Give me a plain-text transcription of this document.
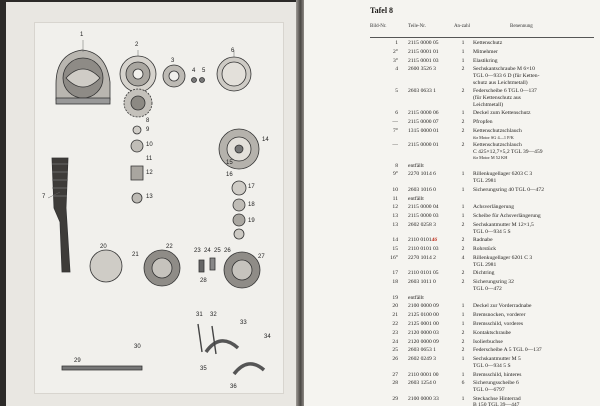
1
2
3
4 5
6
7
8
9
10
11
12
13
14
15
16
17
18
19
20
21
22
23 24 25 26
27
28
29
30
31 32
33
34
35
36
Tafel 8
Bild-Nr.	Teile-Nr.	An-zahl	Benennung
1 2115 0000 05	1	Kettenschutz
2° 2115 0001 01	1	Mitnehmer
3° 2115 0001 03	1	Elastikring
4 2600 3526 3	2	Sechskantschraube M 6×10
TGL 0—933 6 D (für Ketten-
schutz aus Leichtmetall)
5 2603 0633 1	2	Federscheibe 6 TGL 0—137
(für Kettenschutz aus
Leichtmetall)
6 2115 0000 06	1	Deckel zum Kettenschutz
— 2115 0000 07	2	Pfropfen
7° 1315 0000 01	2	Kettenschutzschlauch
für Motor SG 4—1 P/K
— 2115 0000 01	2	Kettenschutzschlauch
C 425×12,7×5,2 TGL 39—459
für Motor M 52 KH
8 entfällt
9° 2270 1014 6	1	Rillenkugellager 6203 C 3
TGL 2981
10 2603 1016 0	1	Sicherungsring 40 TGL 0—472
11 entfällt
12 2115 0000 04	1	Achsverlängerung
13 2115 0000 03	1	Scheibe für Achsverlängerung
13 2602 0258 3	2	Sechskantmutter M 12×1,5
TGL 0—934 5 S
14 2110 010146	2	Radnabe
15 2110 0101 03	2	Rohrstück
16° 2270 1014 2	4	Rillenkugellager 6201 C 3
TGL 2981
17 2110 0101 05	2	Dichtring
18 2603 1011 0	2	Sicherungsring 32
TGL 0—472
19 entfällt
20 2100 0000 09	1	Deckel zur Vorderradnabe
21 2125 0100 00	1	Bremsnocken, vorderer
22 2125 0001 00	1	Bremsschild, vorderes
23 2120 0000 03	2	Kontaktschraube
24 2120 0000 09	2	Isolierbuchse
25 2603 0653 1	2	Federscheibe A 5 TGL 0—137
26 2602 0249 3	1	Sechskantmutter M 5
TGL 0—934 5 S
27 2110 0001 00	1	Bremsschild, hinteres
28 2603 1254 0	6	Sicherungsscheibe 6
TGL 0—6797
29 2100 0000 33	1	Steckachse Hinterrad
B 150 TGL 39—447
